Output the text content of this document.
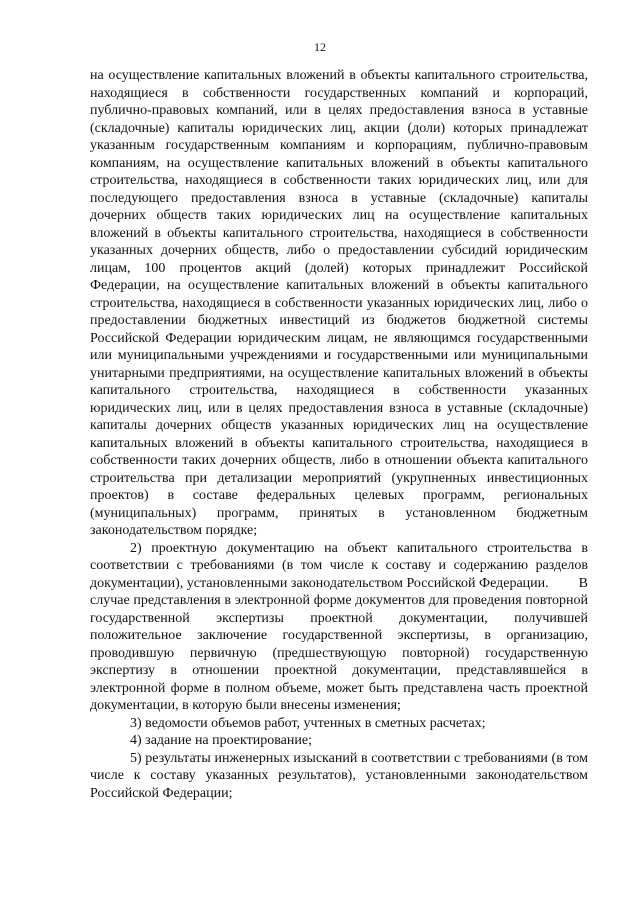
12

на осуществление капитальных вложений в объекты капитального строительства, находящиеся в собственности государственных компаний и корпораций, публично-правовых компаний, или в целях предоставления взноса в уставные (складочные) капиталы юридических лиц, акции (доли) которых принадлежат указанным государственным компаниям и корпорациям, публично-правовым компаниям, на осуществление капитальных вложений в объекты капитального строительства, находящиеся в собственности таких юридических лиц, или для последующего предоставления взноса в уставные (складочные) капиталы дочерних обществ таких юридических лиц на осуществление капитальных вложений в объекты капитального строительства, находящиеся в собственности указанных дочерних обществ, либо о предоставлении субсидий юридическим лицам, 100 процентов акций (долей) которых принадлежит Российской Федерации, на осуществление капитальных вложений в объекты капитального строительства, находящиеся в собственности указанных юридических лиц, либо о предоставлении бюджетных инвестиций из бюджетов бюджетной системы Российской Федерации юридическим лицам, не являющимся государственными или муниципальными учреждениями и государственными или муниципальными унитарными предприятиями, на осуществление капитальных вложений в объекты капитального строительства, находящиеся в собственности указанных юридических лиц, или в целях предоставления взноса в уставные (складочные) капиталы дочерних обществ указанных юридических лиц на осуществление капитальных вложений в объекты капитального строительства, находящиеся в собственности таких дочерних обществ, либо в отношении объекта капитального строительства при детализации мероприятий (укрупненных инвестиционных проектов) в составе федеральных целевых программ, региональных (муниципальных) программ, принятых в установленном бюджетным законодательством порядке;

2) проектную документацию на объект капитального строительства в соответствии с требованиями (в том числе к составу и содержанию разделов документации), установленными законодательством Российской Федерации. В случае представления в электронной форме документов для проведения повторной государственной экспертизы проектной документации, получившей положительное заключение государственной экспертизы, в организацию, проводившую первичную (предшествующую повторной) государственную экспертизу в отношении проектной документации, представлявшейся в электронной форме в полном объеме, может быть представлена часть проектной документации, в которую были внесены изменения;

3) ведомости объемов работ, учтенных в сметных расчетах;

4) задание на проектирование;

5) результаты инженерных изысканий в соответствии с требованиями (в том числе к составу указанных результатов), установленными законодательством Российской Федерации;
